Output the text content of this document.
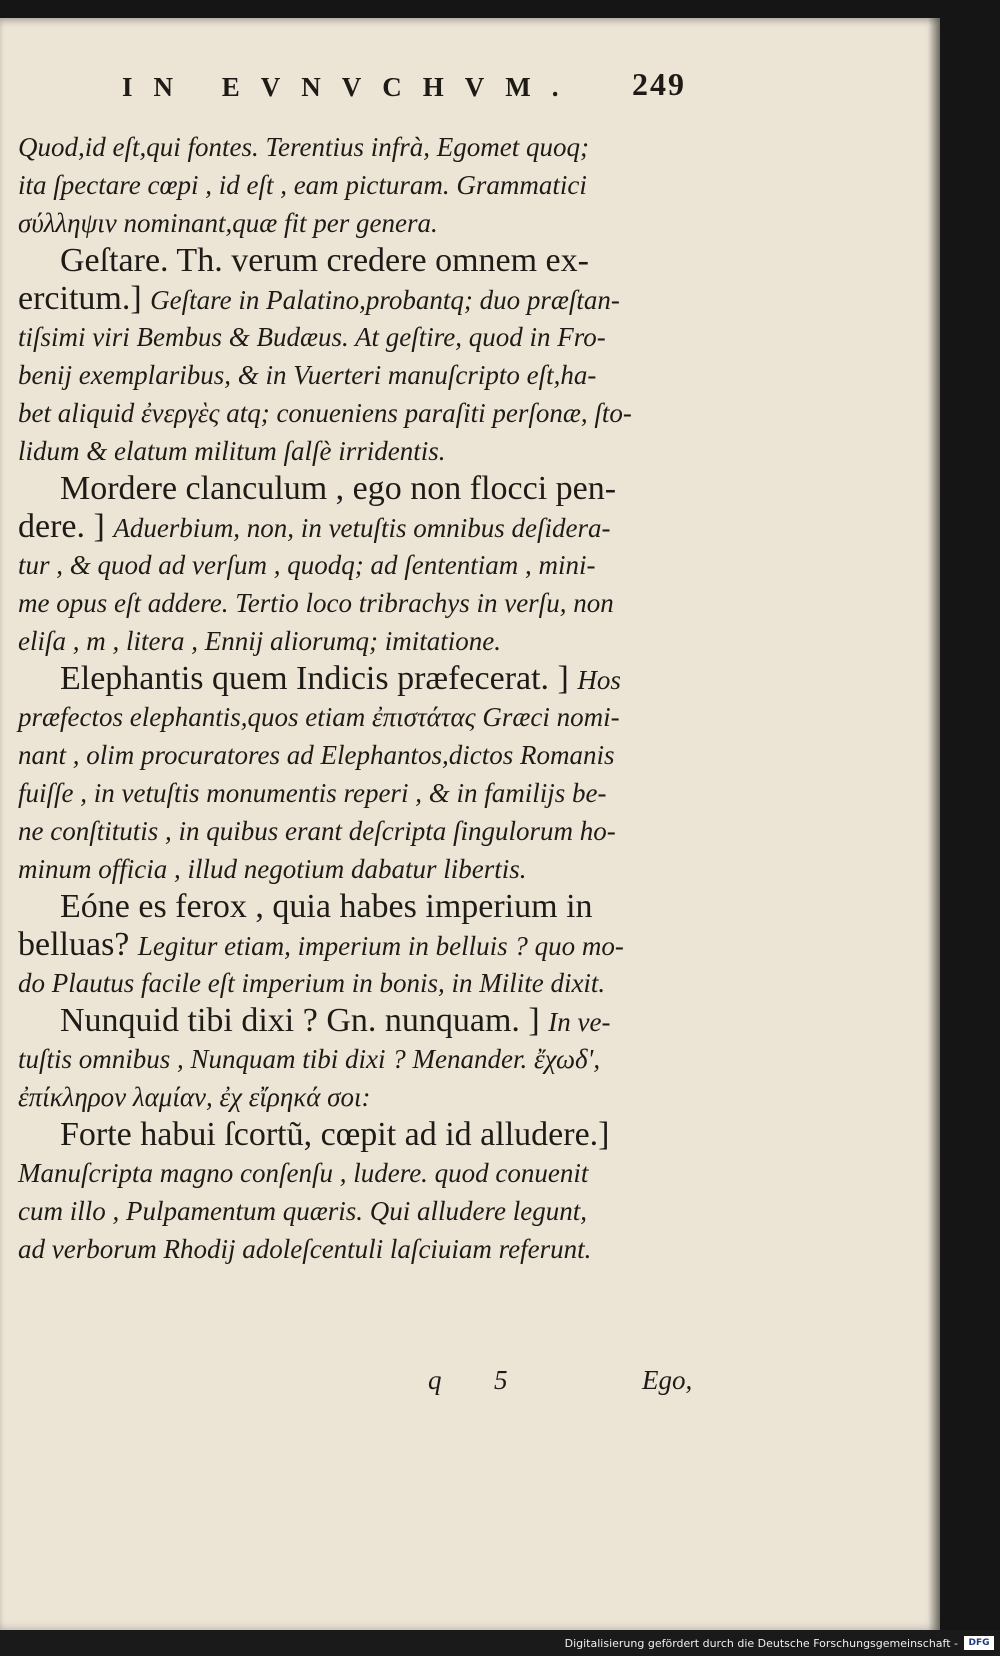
IN EVNVCHVM.	249
Quod,id eſt,qui fontes. Terentius infrà, Egomet quoq;
ita ſpectare cœpi , id eſt , eam picturam. Grammatici
σύλληψιν nominant,quæ fit per genera.
Geſtare. Th. verum credere omnem ex-
ercitum.] Geſtare in Palatino,probantq; duo præſtan-
tiſsimi viri Bembus & Budæus. At geſtire, quod in Fro-
benij exemplaribus, & in Vuerteri manuſcripto eſt,ha-
bet aliquid ἐνεργὲς atq; conueniens paraſiti perſonæ, ſto-
lidum & elatum militum ſalſè irridentis.
Mordere clanculum , ego non flocci pen-
dere. ] Aduerbium, non, in vetuſtis omnibus deſidera-
tur , & quod ad verſum , quodq; ad ſententiam , mini-
me opus eſt addere. Tertio loco tribrachys in verſu, non
eliſa , m , litera , Ennij aliorumq; imitatione.
Elephantis quem Indicis præfecerat. ] Hos
præfectos elephantis,quos etiam ἐπιστάτας Græci nomi-
nant , olim procuratores ad Elephantos,dictos Romanis
fuiſſe , in vetuſtis monumentis reperi , & in familijs be-
ne conſtitutis , in quibus erant deſcripta ſingulorum ho-
minum officia , illud negotium dabatur libertis.
Eóne es ferox , quia habes imperium in
belluas? Legitur etiam, imperium in belluis ? quo mo-
do Plautus facile eſt imperium in bonis, in Milite dixit.
Nunquid tibi dixi ? Gn. nunquam. ] In ve-
tuſtis omnibus , Nunquam tibi dixi ? Menander. ἔχωδ',
ἐπίκληρον λαμίαν, ἐχ εἴρηκά σοι:
Forte habui ſcortũ, cœpit ad id alludere.]
Manuſcripta magno conſenſu , ludere. quod conuenit
cum illo , Pulpamentum quæris. Qui alludere legunt,
ad verborum Rhodij adoleſcentuli laſciuiam referunt.
q 5	Ego,
Digitalisierung gefördert durch die Deutsche Forschungsgemeinschaft -	DFG
